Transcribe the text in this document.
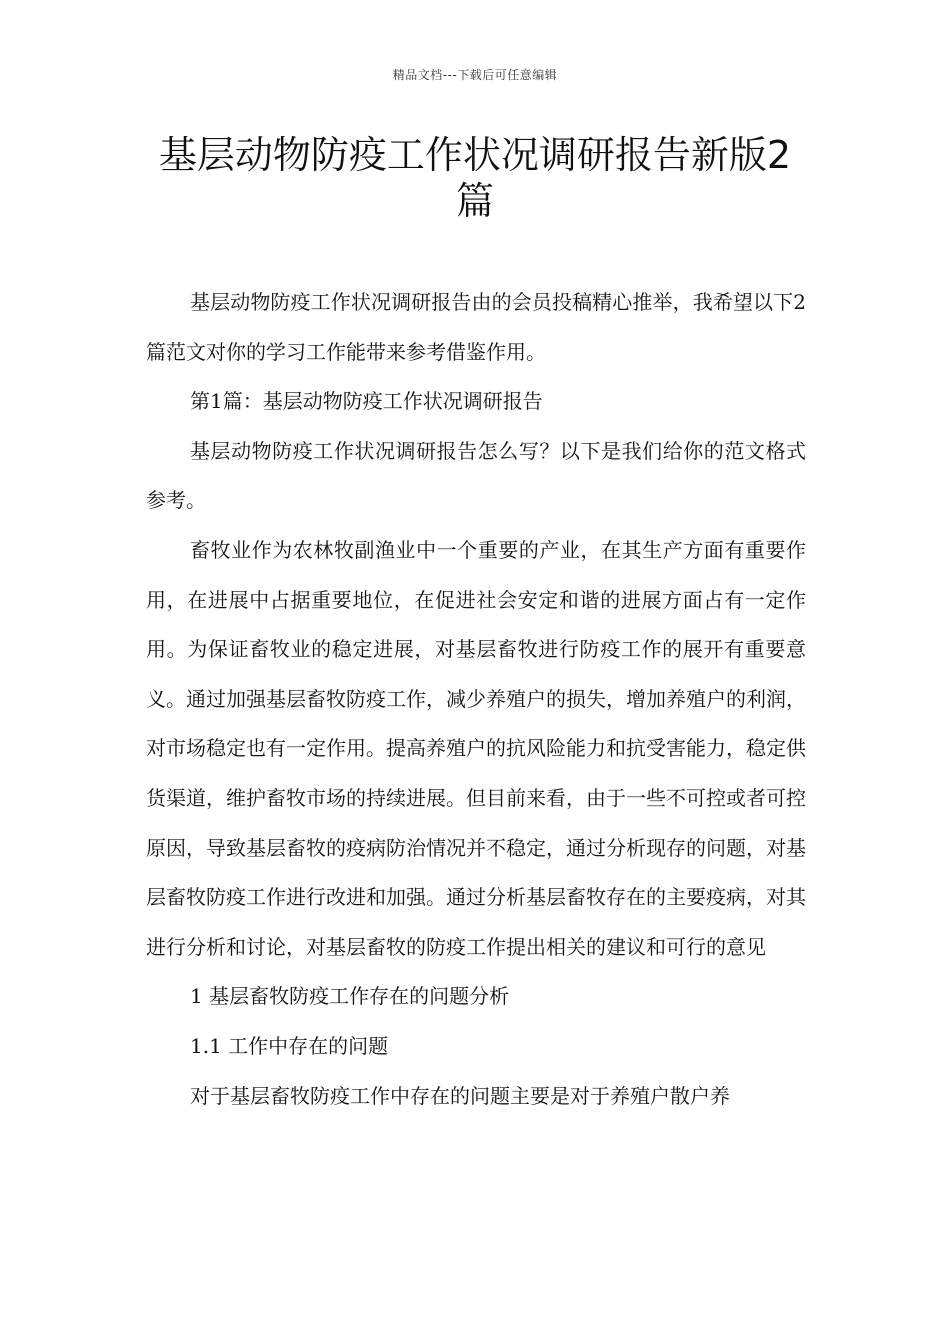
精品文档---下载后可任意编辑
基层动物防疫工作状况调研报告新版2篇

基层动物防疫工作状况调研报告由的会员投稿精心推举，我希望以下2篇范文对你的学习工作能带来参考借鉴作用。

第1篇：基层动物防疫工作状况调研报告

基层动物防疫工作状况调研报告怎么写？以下是我们给你的范文格式参考。

畜牧业作为农林牧副渔业中一个重要的产业，在其生产方面有重要作用，在进展中占据重要地位，在促进社会安定和谐的进展方面占有一定作用。为保证畜牧业的稳定进展，对基层畜牧进行防疫工作的展开有重要意义。通过加强基层畜牧防疫工作，减少养殖户的损失，增加养殖户的利润，对市场稳定也有一定作用。提高养殖户的抗风险能力和抗受害能力，稳定供货渠道，维护畜牧市场的持续进展。但目前来看，由于一些不可控或者可控原因，导致基层畜牧的疫病防治情况并不稳定，通过分析现存的问题，对基层畜牧防疫工作进行改进和加强。通过分析基层畜牧存在的主要疫病，对其进行分析和讨论，对基层畜牧的防疫工作提出相关的建议和可行的意见

1 基层畜牧防疫工作存在的问题分析

1.1 工作中存在的问题

对于基层畜牧防疫工作中存在的问题主要是对于养殖户散户养
